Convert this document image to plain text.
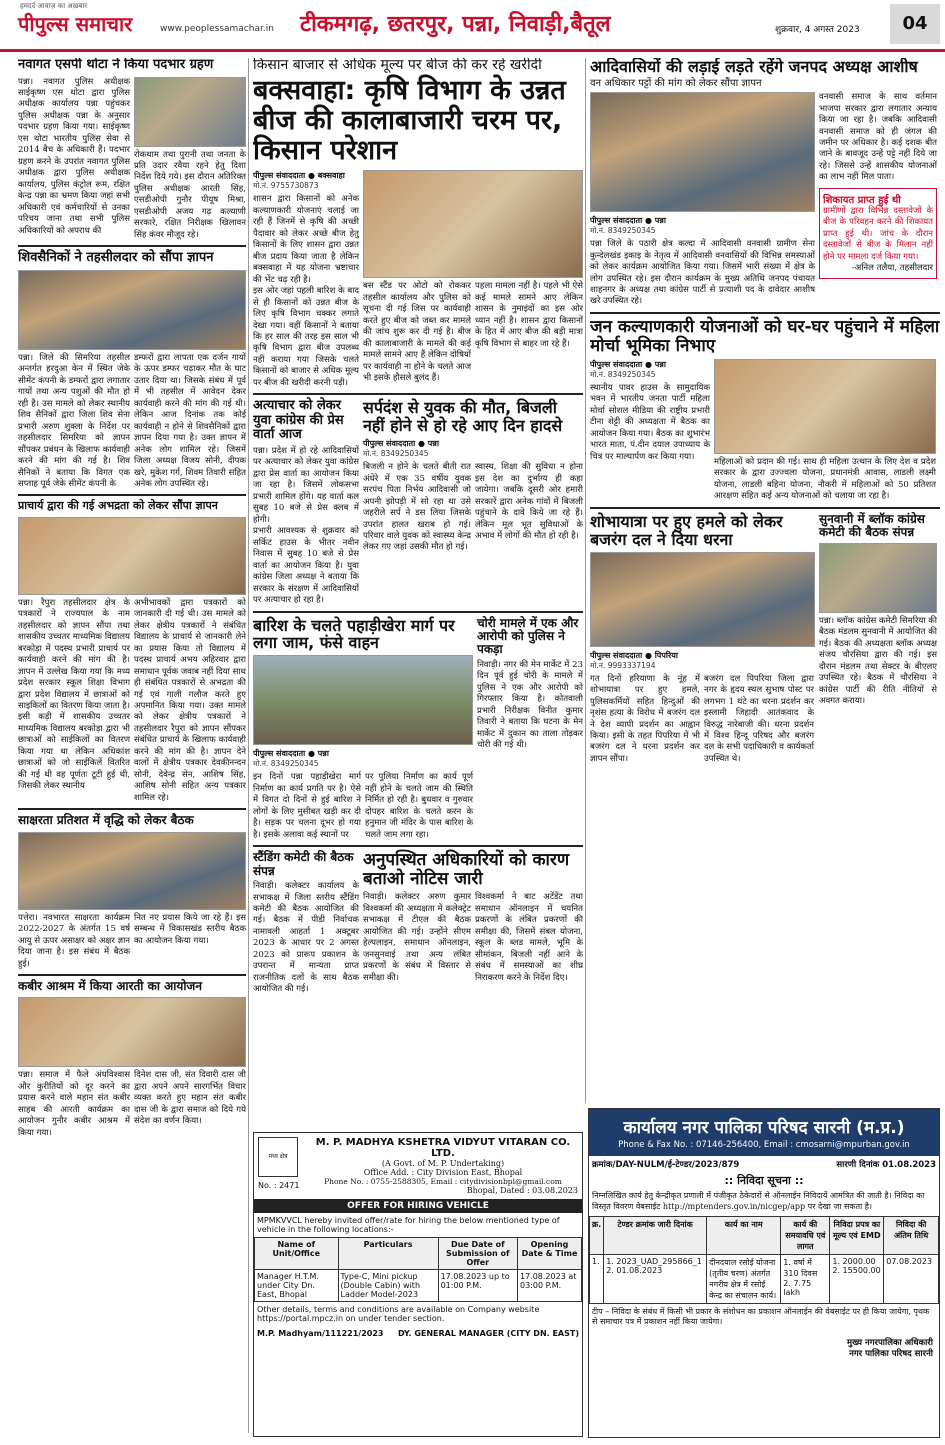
हमदर्द आवाज़ का अख़बार
पीपुल्स समाचार	www.peoplessamachar.in टीकमगढ़, छतरपुर, पन्ना, निवाड़ी,बैतूल	शुक्रवार, 4 अगस्त 2023	04
नवागत एसपी थोटा ने किया पदभार ग्रहण
पन्ना। नवागत पुलिस अधीक्षक साईकृष्ण एस थोटा द्वारा पुलिस अधीक्षक कार्यालय पन्ना पहुंचकर पुलिस अधीक्षक पन्ना के अनुसार पदभार ग्रहण किया गया। साईकृष्ण एस थोटा भारतीय पुलिस सेवा से 2014 बैच के अधिकारी हैं। पदभार ग्रहण करने के उपरांत नवागत पुलिस अधीक्षक द्वारा पुलिस अधीक्षक कार्यालय, पुलिस कंट्रोल रूम, रक्षित केन्द्र पन्ना का भ्रमण किया जहां सभी अधिकारी एवं कर्मचारियों से उनका परिचय जाना तथा सभी पुलिस अधिकारियों को अपराध की
रोकथाम तथा पुरानी तथा जनता के प्रति उदार रवैया रहने हेतु दिशा निर्देश दिये गये। इस दौरान अतिरिक्त पुलिस अधीक्षक आरती सिंह, एसडीओपी गुनौर पीयूष मिश्रा, एसडीओपी अजय गढ़ कल्याणी सरकारे, रक्षित निरीक्षक खिलावन सिंह कंवर मौजूद रहे।
शिवसैनिकों ने तहसीलदार को सौंपा ज्ञापन
पन्ना। जिले की सिमरिया तहसील अन्तर्गत हरदुआ केन में स्थित जेके सीमेंट कंपनी के डम्फरों द्वारा लगातार गायों तथा अन्य पशुओं की मौत हो रही है। उस मामले को लेकर स्थानीय शिव सैनिकों द्वारा जिला शिव सेना प्रभारी अरुण शुक्ला के निर्देश पर तहसीलदार सिमरिया को ज्ञापन सौंपकर प्रबंधन के खिलाफ कार्यवाही करने की मांग की गई है। शिव सैनिकों ने बताया कि विगत एक सप्ताह पूर्व जेके सीमेंट कंपनी के
डम्फरों द्वारा लापता एक दर्जन गायों के ऊपर डम्फर चढ़ाकर मौत के घाट उतार दिया था। जिसके संबंध में पूर्व में भी तहसील में आवेदन देकर कार्यवाही करने की मांग की गई थी। लेकिन आज दिनांक तक कोई कार्यवाही न होने से शिवसैनिकों द्वारा ज्ञापन दिया गया है। उक्त ज्ञापन में अनेक लोग शामिल रहे। जिसमें जिला अध्यक्ष विजय सोनी, दीपक खरे, मुकेश गर्ग, शिवम तिवारी सहित अनेक लोग उपस्थित रहे।
प्राचार्य द्वारा की गई अभद्रता को लेकर सौंपा ज्ञापन
पन्ना। रैपुरा तहसीलदार क्षेत्र के पत्रकारों ने राज्यपाल के नाम तहसीलदार को ज्ञापन सौंपा तथा शासकीय उच्चतर माध्यमिक विद्यालय बरकोड़ा में पदस्थ प्रभारी प्राचार्य पर कार्यवाही करने की मांग की है। ज्ञापन में उल्लेख किया गया कि मध्य प्रदेश सरकार स्कूल शिक्षा विभाग द्वारा प्रदेश विद्यालय में छात्राओं को साइकिलों का वितरण किया जाता है। इसी कड़ी में शासकीय उच्चतर माध्यमिक विद्यालय बरकोड़ा द्वारा भी छात्राओं को साईकिलों का वितरण किया गया था लेकिन अधिकांश छात्राओं को जो साईकिलें वितरित की गई थी वह पूर्णतः टूटी हुई थी, जिसकी लेकर स्थानीय
अभीभावकों द्वारा पत्रकारों को जानकारी दी गई थी। उस मामले को लेकर क्षेत्रीय पत्रकारों ने संबंधित विद्यालय के प्राचार्य से जानकारी लेने का प्रयास किया तो विद्यालय में पदस्थ प्राचार्य अभय अहिरवार द्वारा समाधान पूर्वक जवाब नहीं दिया साथ ही संबंधित पत्रकारों से अभद्रता की गई एवं गाली गलौज करते हुए अपमानित किया गया। उक्त मामले को लेकर क्षेत्रीय पत्रकारों ने तहसीलदार रैपुरा को ज्ञापन सौंपकर संबंधित प्राचार्य के खिलाफ कार्यवाही करने की मांग की है। ज्ञापन देने वालों में क्षेत्रीय पत्रकार देवकीनन्दन सोनी, देवेन्द्र सेन, आशिष सिंह, आशिष सोनी सहित अन्य पत्रकार शामिल रहे।
साक्षरता प्रतिशत में वृद्धि को लेकर बैठक
पत्तेरा। नवभारत साक्षरता कार्यक्रम 2022-2027 के अंतर्गत 15 वर्ष आयु से ऊपर असाक्षर को अक्षर ज्ञान दिया जाना है। इस संबंध में बैठक हुई।
नित नए प्रयास किये जा रहे हैं। इस सम्बन्ध में विकासखंड स्तरीय बैठक का आयोजन किया गया।
कबीर आश्रम में किया आरती का आयोजन
पन्ना। समाज में फैले अंधविश्वास और कुरीतियों को दूर करने का प्रयास करने वाले महान संत कबीर साहब की आरती कार्यक्रम का आयोजन गुनौर कबीर आश्रम में किया गया।
दिनेश दास जी, संत दिवारी दास जी द्वारा अपने अपने सारगर्भित विचार व्यक्त करते हुए महान संत कबीर दास जी के द्वारा समाज को दिये गये संदेश का वर्णन किया।
किसान बाजार से अधिक मूल्य पर बीज की कर रहे खरीदी
बक्सवाहा: कृषि विभाग के उन्नत बीज की कालाबाजारी चरम पर, किसान परेशान
पीपुल्स संवाददाता ● बक्सवाहा
मो.नं. 9755730873
शासन द्वारा किसानों को अनेक कल्याणकारी योजनाएं चलाई जा रही हैं जिनमें से कृषि की अच्छी पैदावार को लेकर अच्छे बीज हेतु किसानों के लिए शासन द्वारा उन्नत बीज प्रदाय किया जाता है लेकिन बक्सवाहा में यह योजना भ्रष्टाचार की भेंट चढ़ रही है।
इस ओर जहां पहली बारिश के बाद से ही किसानों को उन्नत बीज के लिए कृषि विभाग चक्कर लगाते देखा गया। वहीं किसानों ने बताया कि हर साल की तरह इस साल भी कृषि विभाग द्वारा बीज उपलब्ध नहीं कराया गया जिसके चलते किसानों को बाजार से अधिक मूल्य पर बीज की खरीदी करनी पड़ी।
बस स्टैंड पर ओटो को रोककर तहसील कार्यालय और पुलिस को सूचना दी गई जिस पर कार्यवाही करते हुए बीज को जब्त कर मामले की जांच शुरू कर दी गई है। बीज की कालाबाजारी के मामले की कई मामले सामने आए हैं लेकिन दोषियों पर कार्यवाही ना होने के चलते आज भी इसके हौसले बुलंद हैं।
पहला मामला नहीं है। पहले भी ऐसे कई मामले सामने आए लेकिन शासन के नुमाइंदों का इस ओर ध्यान नहीं है। शासन द्वारा किसानों के हित में आए बीज की बड़ी मात्रा कृषि विभाग से बाहर जा रहे हैं।
अत्याचार को लेकर युवा कांग्रेस की प्रेस वार्ता आज
पन्ना। प्रदेश में हो रहे आदिवासियों पर अत्याचार को लेकर युवा कांग्रेस द्वारा प्रेस वार्ता का आयोजन किया जा रहा है। जिसमें लोकसभा प्रभारी शामिल होंगे। यह वार्ता कल सुबह 10 बजे से प्रेस क्लब में होगी।
प्रभारी आवश्यक से शुक्रवार को सर्किट हाउस के भीतर नवीन निवास में सुबह 10 बजे से प्रेस वार्ता का आयोजन किया है। युवा कांग्रेस जिला अध्यक्ष ने बताया कि सरकार के संरक्षण में आदिवासियों पर अत्याचार हो रहा है।
सर्पदंश से युवक की मौत, बिजली नहीं होने से हो रहे आए दिन हादसे
पीपुल्स संवाददाता ● पन्ना
मो.नं. 8349250345
बिजली न होने के चलते बीती रात अंधेरे में एक 35 वर्षीय युवक सरपंच पिता निर्भय आदिवासी जो अपनी झोपड़ी में सो रहा था उसे जहरीले सर्प ने डस लिया जिसके उपरांत हालत खराब हो गई। परिवार वाले युवक को स्वास्थ्य केन्द्र लेकर गए जहां उसकी मौत हो गई।
स्वास्थ, शिक्षा की सुविधा न होना इस देश का दुर्भाग्य ही कहा जायेगा। जबकि दूसरी ओर हमारी सरकारें द्वारा अनेक गांवों में बिजली पहुंचाने के दावे किये जा रहे हैं। लेकिन मूल भूत सुविधाओं के अभाव में लोगों की मौत हो रही है।
बारिश के चलते पहाड़ीखेरा मार्ग पर लगा जाम, फंसे वाहन
पीपुल्स संवाददाता ● पन्ना
मो.नं. 8349250345
इन दिनों पन्ना पहाड़ीखेरा मार्ग निर्माण का कार्य प्रगति पर है। ऐसे में विगत दो दिनों से हुई बारिश ने लोगों के लिए मुसीबत खड़ी कर दी है। सड़क पर चलना दूभर हो गया है। इसके अलावा कई स्थानों पर
पर पुलिया निर्माण का कार्य पूर्ण नहीं होने के चलते जाम की स्थिति निर्मित हो रही है। बुधवार व गुरुवार दोपहर बारिश के चलते करन के हनुमान जी मंदिर के पास बारिश के चलते जाम लगा रहा।
चोरी मामले में एक और आरोपी को पुलिस ने पकड़ा
निवाड़ी। नगर की मेन मार्केट में 23 दिन पूर्व हुई चोरी के मामले में पुलिस ने एक और आरोपी को गिरफ्तार किया है। कोतवाली प्रभारी निरीक्षक विनीत कुमार तिवारी ने बताया कि घटना के मेन मार्केट में दुकान का ताला तोड़कर चोरी की गई थी।
स्टैंडिंग कमेटी की बैठक संपन्न
निवाड़ी। कलेक्टर कार्यालय के सभाकक्ष में जिला स्तरीय स्टैंडिंग कमेटी की बैठक आयोजित की गई। बैठक में पीडी निर्वाचक नामावली आहर्ता 1 अक्टूबर 2023 के आधार पर 2 अगस्त 2023 को प्रारूप प्रकाशन के उपरान्त में मान्यता प्राप्त राजनीतिक दलों के साथ बैठक आयोजित की गई।
अनुपस्थित अधिकारियों को कारण बताओ नोटिस जारी
निवाड़ी। कलेक्टर अरुण कुमार विश्वकर्मा की अध्यक्षता में कलेक्ट्रेट सभाकक्ष में टीएल की बैठक आयोजित की गई। उन्होंने सीएम हेल्पलाइन, समाधान ऑनलाइन, जनसुनवाई तथा अन्य लंबित प्रकरणों के संबंध में विस्तार से समीक्षा की।
विश्वकर्मा ने बाट अटेंडेंट तथा समाधान ऑनलाइन में चयनित प्रकरणों के लंबित प्रकरणों की समीक्षा की, जिसमें संबल योजना, स्कूल के ब्लड मामले, भूमि के सीमांकन, बिजली नहीं आने के संबंध में समस्याओं का शीघ्र निराकरण करने के निर्देश दिए।
आदिवासियों की लड़ाई लड़ते रहेंगे जनपद अध्यक्ष आशीष
वन अधिकार पट्टों की मांग को लेकर सौंपा ज्ञापन
पीपुल्स संवाददाता ● पन्ना
मो.नं. 8349250345
पन्ना जिले के पठारी क्षेत्र कल्दा में आदिवासी वनवासी ग्रामीण सेना कुन्देलखंड इकाइ के नेतृत्व में आदिवासी वनवासियों की विभिन्न समस्याओं को लेकर कार्यक्रम आयोजित किया गया। जिसमें भारी संख्या में क्षेत्र के लोग उपस्थित रहे। इस दौरान कार्यक्रम के मुख्य अतिथि जनपद पंचायत शाहनगर के अध्यक्ष तथा कांग्रेस पार्टी से प्रत्याशी पद के दावेदार आशीष खरे उपस्थित रहे।
वनवासी समाज के साथ वर्तमान भाजपा सरकार द्वारा लगातार अन्याय किया जा रहा है। जबकि आदिवासी वनवासी समाज को ही जंगल की जमीन पर अधिकार है। कई दशक बीत जाने के बावजूद उन्हें पट्टे नहीं दिये जा रहे। जिससे उन्हें शासकीय योजनाओं का लाभ नहीं मिल पाता।
शिकायत प्राप्त हुई थी
ग्रामीणों द्वारा विभिन्न दस्तावेजों के बीज के परिवहन करने की शिकायत प्राप्त हुई थी। जांच के दौरान दस्तावेजों से बीज के मिलान नहीं होने पर मामला दर्ज किया गया।
-अनिल तलैया, तहसीलदार
जन कल्याणकारी योजनाओं को घर-घर पहुंचाने में महिला मोर्चा भूमिका निभाए
पीपुल्स संवाददाता ● पन्ना
मो.नं. 8349250345
स्थानीय पावर हाउस के सामुदायिक भवन में भारतीय जनता पार्टी महिला मोर्चा सोशल मीडिया की राष्ट्रीय प्रभारी टीना शेट्टी की अध्यक्षता में बैठक का आयोजन किया गया। बैठक का शुभारंभ भारत माता, पं.दीन दयाल उपाध्याय के चित्र पर माल्यार्पण कर किया गया।
महिलाओं को प्रदान की गई। साथ ही महिला उत्थान के लिए देश व प्रदेश सरकार के द्वारा उज्ज्वला योजना, प्रधानमंत्री आवास, लाडली लक्ष्मी योजना, लाडली बहिना योजना, नौकरी में महिलाओं को 50 प्रतिशत आरक्षण सहित कई अन्य योजनाओं को चलाया जा रहा है।
शोभायात्रा पर हुए हमले को लेकर बजरंग दल ने दिया धरना
पीपुल्स संवाददाता ● पिपरिया
मो.नं. 9993337194
गत दिनों हरियाणा के नूंह में शोभायात्रा पर हुए हमले, पुलिसकर्मियों सहित हिन्दुओं की नृशंस हत्या के विरोध में बजरंग दल ने देश व्यापी प्रदर्शन का आह्वान किया। इसी के तहत पिपरिया में भी बजरंग दल ने धरना प्रदर्शन कर ज्ञापन सौंपा।
बजरंग दल पिपरिया जिला द्वारा नगर के हृदय स्थल सुभाष पोस्ट पर लगभग 1 घंटे का धरना प्रदर्शन कर इस्लामी जिहादी आतंकवाद के विरुद्ध नारेबाजी की। धरना प्रदर्शन में विश्व हिन्दू परिषद और बजरंग दल के सभी पदाधिकारी व कार्यकर्ता उपस्थित थे।
सुनवानी में ब्लॉक कांग्रेस कमेटी की बैठक संपन्न
पन्ना। ब्लॉक कांग्रेस कमेटी सिमरिया की बैठक मंडलम सुनवानी में आयोजित की गई। बैठक की अध्यक्षता ब्लॉक अध्यक्ष संजय चौरसिया द्वारा की गई। इस दौरान मंडलम तथा सेक्टर के बीएलए उपस्थित रहे। बैठक में चौरसिया ने कांग्रेस पार्टी की रीति नीतियों से अवगत कराया।
मध्य क्षेत्र
No. : 2471
M. P. MADHYA KSHETRA VIDYUT VITARAN CO. LTD.
(A Govt. of M. P. Undertaking)
Office Add. : City Division East, Bhopal
Phone No. : 0755-2588305, Email : citydivisionbpl@gmail.com
Bhopal, Dated : 03.08.2023
OFFER FOR HIRING VEHICLE
MPMKVVCL hereby invited offer/rate for hiring the below mentioned type of vehicle in the following locations:-
Name of Unit/Office	Particulars	Due Date of Submission of Offer	Opening Date & Time
Manager H.T.M. under City Dn. East, Bhopal	Type-C, Mini pickup (Double Cabin) with Ladder Model-2023	17.08.2023 up to 01:00 P.M.	17.08.2023 at 03:00 P.M.
Other details, terms and conditions are available on Company website https://portal.mpcz.in on under tender section.
M.P. Madhyam/111221/2023 DY. GENERAL MANAGER (CITY DN. EAST)
कार्यालय नगर पालिका परिषद सारनी (म.प्र.)
Phone & Fax No. : 07146-256400, Email : cmosarni@mpurban.gov.in
क्रमांक/DAY-NULM/ई-टेण्डर/2023/879	सारणी दिनांक 01.08.2023
:: निविदा सूचना ::
निम्नलिखित कार्य हेतु केन्द्रीकृत प्रणाली में पंजीकृत ठेकेदारों से ऑनलाईन निविदायें आमंत्रित की जाती है। निविदा का विस्तृत विवरण वेबसाईट http://mptenders.gov.in/nicgep/app पर देखा जा सकता है।
क्र.	टेण्डर क्रमांक जारी दिनांक	कार्य का नाम	कार्य की समयावधि एवं लागत	निविदा प्रपत्र का मूल्य एवं EMD	निविदा की अंतिम तिथि
1.	1. 2023_UAD_295866_1 2. 01.08.2023	दीनदयाल रसोई योजना (तृतीय चरण) अंतर्गत नगरीय क्षेत्र में रसोई केन्द्र का संचालन कार्य।	1. वर्षा में 310 दिवस 2. 7.75 lakh	1. 2000.00 2. 15500.00	07.08.2023
टीप – निविदा के संबंध में किसी भी प्रकार के संशोधन का प्रकाशन ऑनलाईन की वेबसाईट पर ही किया जायेगा, पृथक से समाचार पत्र में प्रकाशन नहीं किया जायेगा।
मुख्य नगरपालिका अधिकारी
नगर पालिका परिषद सारनी
